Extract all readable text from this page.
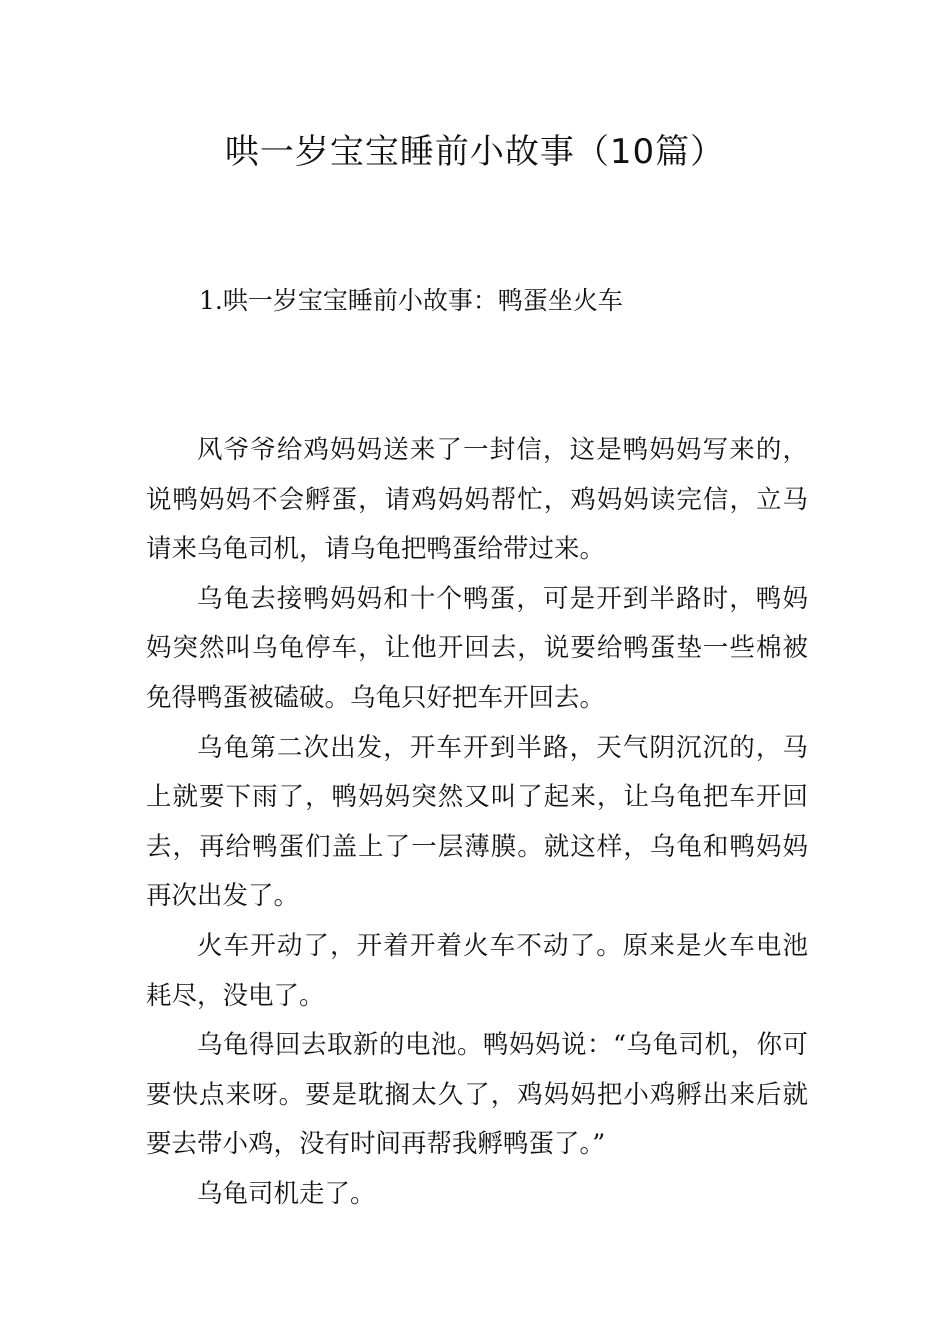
哄一岁宝宝睡前小故事（10篇）
1.哄一岁宝宝睡前小故事：鸭蛋坐火车

风爷爷给鸡妈妈送来了一封信，这是鸭妈妈写来的，说鸭妈妈不会孵蛋，请鸡妈妈帮忙，鸡妈妈读完信，立马请来乌龟司机，请乌龟把鸭蛋给带过来。

乌龟去接鸭妈妈和十个鸭蛋，可是开到半路时，鸭妈妈突然叫乌龟停车，让他开回去，说要给鸭蛋垫一些棉被免得鸭蛋被磕破。乌龟只好把车开回去。

乌龟第二次出发，开车开到半路，天气阴沉沉的，马上就要下雨了，鸭妈妈突然又叫了起来，让乌龟把车开回去，再给鸭蛋们盖上了一层薄膜。就这样，乌龟和鸭妈妈再次出发了。

火车开动了，开着开着火车不动了。原来是火车电池耗尽，没电了。

乌龟得回去取新的电池。鸭妈妈说：“乌龟司机，你可要快点来呀。要是耽搁太久了，鸡妈妈把小鸡孵出来后就要去带小鸡，没有时间再帮我孵鸭蛋了。”

乌龟司机走了。
